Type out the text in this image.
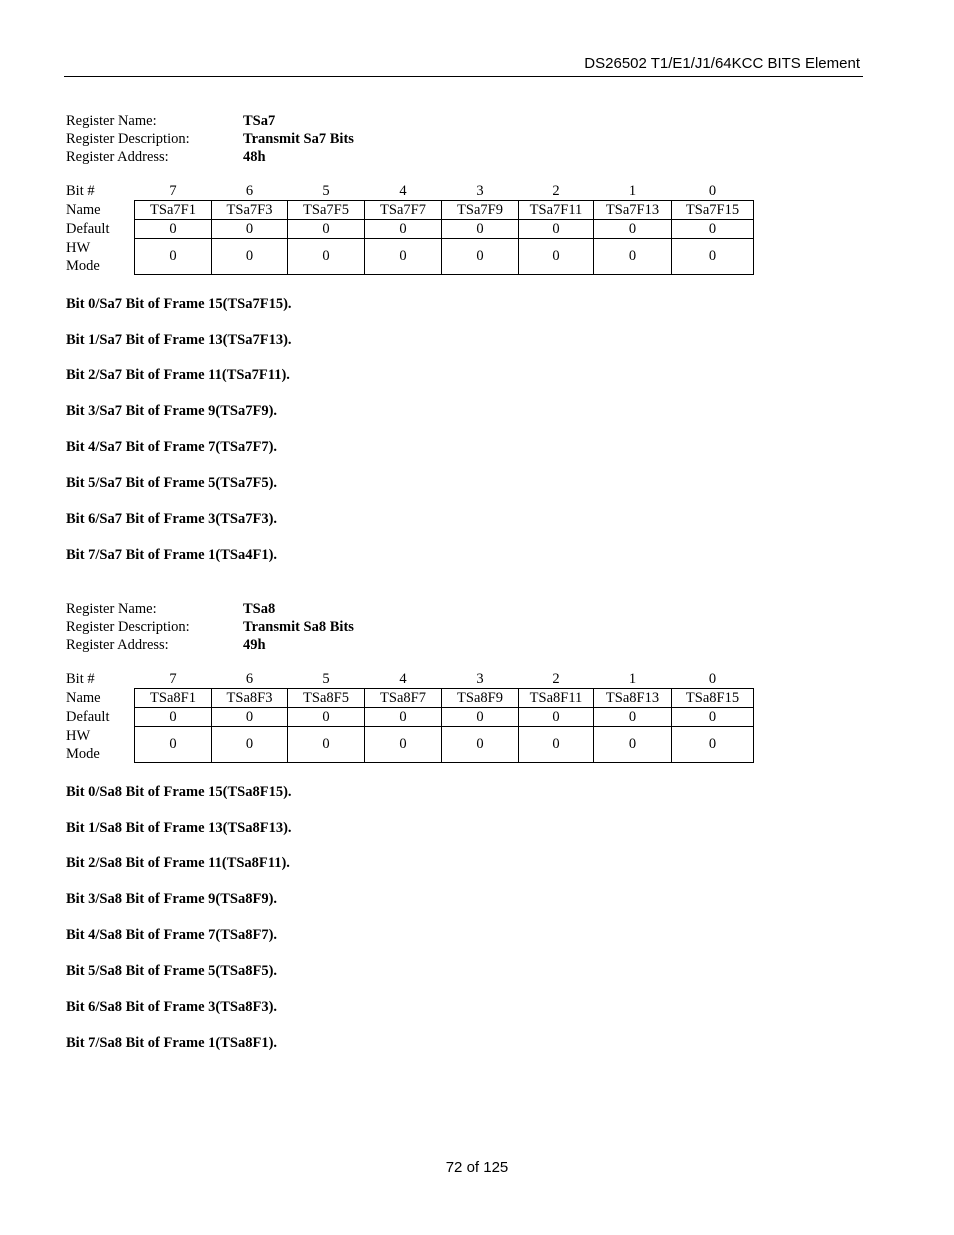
DS26502 T1/E1/J1/64KCC BITS Element
Register Name:	TSa7
Register Description:	Transmit Sa7 Bits
Register Address:	48h
Bit #	7	6	5	4	3	2	1	0
Name	TSa7F1	TSa7F3	TSa7F5	TSa7F7	TSa7F9	TSa7F11	TSa7F13	TSa7F15
Default	0	0	0	0	0	0	0	0

HW
Mode	0	0	0	0	0	0	0	0
Bit 0/Sa7 Bit of Frame 15(TSa7F15).
Bit 1/Sa7 Bit of Frame 13(TSa7F13).
Bit 2/Sa7 Bit of Frame 11(TSa7F11).
Bit 3/Sa7 Bit of Frame 9(TSa7F9).
Bit 4/Sa7 Bit of Frame 7(TSa7F7).
Bit 5/Sa7 Bit of Frame 5(TSa7F5).
Bit 6/Sa7 Bit of Frame 3(TSa7F3).
Bit 7/Sa7 Bit of Frame 1(TSa4F1).
Register Name:	TSa8
Register Description:	Transmit Sa8 Bits
Register Address:	49h
Bit #	7	6	5	4	3	2	1	0
Name	TSa8F1	TSa8F3	TSa8F5	TSa8F7	TSa8F9	TSa8F11	TSa8F13	TSa8F15
Default	0	0	0	0	0	0	0	0

HW
Mode	0	0	0	0	0	0	0	0
Bit 0/Sa8 Bit of Frame 15(TSa8F15).
Bit 1/Sa8 Bit of Frame 13(TSa8F13).
Bit 2/Sa8 Bit of Frame 11(TSa8F11).
Bit 3/Sa8 Bit of Frame 9(TSa8F9).
Bit 4/Sa8 Bit of Frame 7(TSa8F7).
Bit 5/Sa8 Bit of Frame 5(TSa8F5).
Bit 6/Sa8 Bit of Frame 3(TSa8F3).
Bit 7/Sa8 Bit of Frame 1(TSa8F1).
72 of 125
